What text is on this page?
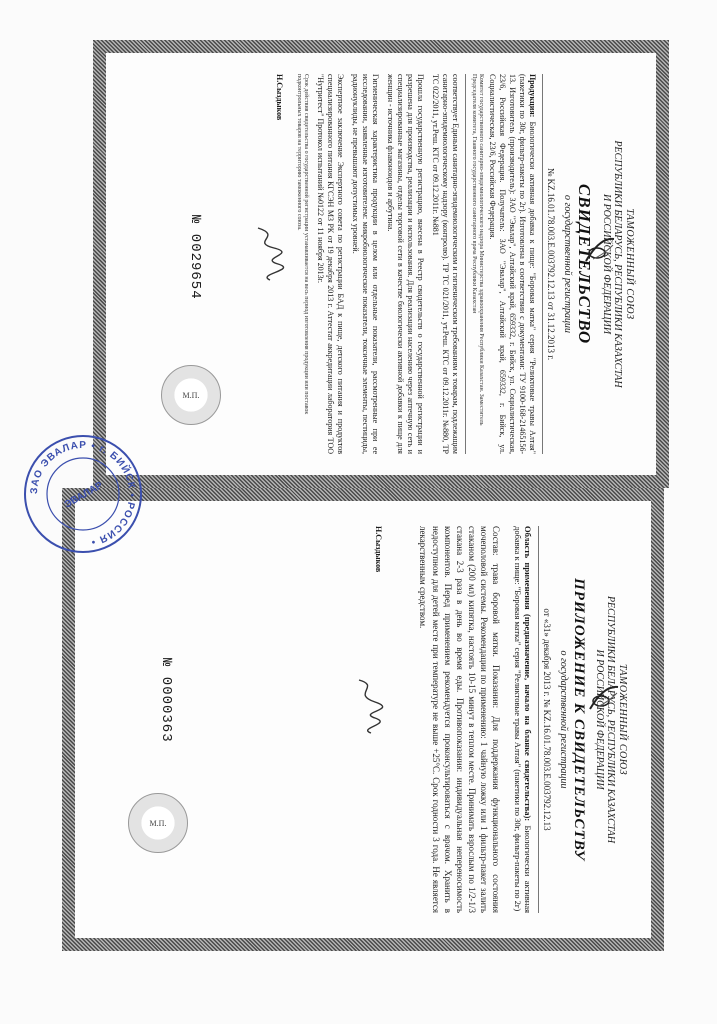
ТАМОЖЕННЫЙ СОЮЗ
РЕСПУБЛИКИ БЕЛАРУСЬ, РЕСПУБЛИКИ КАЗАХСТАН
И РОССИЙСКОЙ ФЕДЕРАЦИИ
СВИДЕТЕЛЬСТВО
о государственной регистрации
№ KZ.16.01.78.003.E.003792.12.13 от 31.12.2013 г.
Продукция: Биологически активная добавка к пище: "Боровая матка" серия "Реликтовые травы Алтая" (пакетики по 30г, фильтр-пакеты по 2г). Изготовлена в соответствии с документами: ТУ 9100-168-21465156-13. Изготовитель (производитель): ЗАО "Эвалар", Алтайский край, 659332, г. Бийск, ул. Социалистическая, 23/6, Российская Федерация. Получатель: ЗАО "Эвалар", Алтайский край, 659332, г. Бийск, ул. Социалистическая, 23/6, Российская Федерация.
Комитет государственного санитарно-эпидемиологического надзора Министерства здравоохранения Республики Казахстан. Заместитель Председателя комитета, Главного государственного санитарного врача Республики Казахстан
соответствует Единым санитарно-эпидемиологическим и гигиеническим требованиям к товарам, подлежащим санитарно-эпидемиологическому надзору (контролю). ТР ТС 021/2011, ут.Реш. КТС от 09.12.2011г. №880, ТР ТС 022/2011, ут.Реш. КТС от 09.12.2011г. №881
Прошла государственную регистрацию, внесена в Реестр свидетельств о государственной регистрации и разрешена для производства, реализации и использования. Для реализации населению через аптечную сеть и специализированные магазины, отделы торговой сети в качестве биологически активной добавки к пище для женщин - источника флавоноидов и арбутина.
Гигиеническая характеристика продукции в целом или отдельные показатели, рассмотренные при ее исследовании, заявленные изготовителем: микробиологические показатели, токсичные элементы, пестициды, радионуклиды, не превышают допустимых уровней.
Экспертное заключение Экспертного совета по регистрации БАД к пище, детского питания и продуктов специализированного питания КГСЭН МЗ РК от 19 декабря 2013 г. Аттестат аккредитации лаборатория ТОО "Нутритест" Протокол испытаний №0122 от 11 ноября 2013г.
Срок действия свидетельства о государственной регистрации устанавливается на весь период изготовления продукции или поставок подконтрольных товаров на территорию таможенного союза.
Н.Сыздыков
№ 0029654
М.П.
ТАМОЖЕННЫЙ СОЮЗ
РЕСПУБЛИКИ БЕЛАРУСЬ, РЕСПУБЛИКИ КАЗАХСТАН
И РОССИЙСКОЙ ФЕДЕРАЦИИ
ПРИЛОЖЕНИЕ К СВИДЕТЕЛЬСТВУ
о государственной регистрации
от «31» декабря 2013 г. № KZ.16.01.78.003.E.003792.12.13
Область применения (предназначение, начало на бланке свидетельства): Биологически активная добавка к пище: "Боровая матка" серия "Реликтовые травы Алтая" (пакетики по 30г, фильтр-пакеты по 2г)
Состав: трава боровой матки. Показания: Для поддержания функционального состояния мочеполовой системы. Рекомендации по применению: 1 чайную ложку или 1 фильтр-пакет залить стаканом (200 мл) кипятка, настоять 10-15 минут в теплом месте. Принимать взрослым по 1/2-1/3 стакана 2-3 раза в день во время еды. Противопоказания: индивидуальная непереносимость компонентов. Перед применением рекомендуется проконсультироваться с врачом. Хранить в недоступном для детей месте при температуре не выше +25°С. Срок годности 3 года. Не является лекарственным средством.
Н.Сыздыков
№ 0000363
М.П.
ЗАО ЭВАЛАР • г. БИЙСК • РОССИЯ •
ЭВАЛАР
